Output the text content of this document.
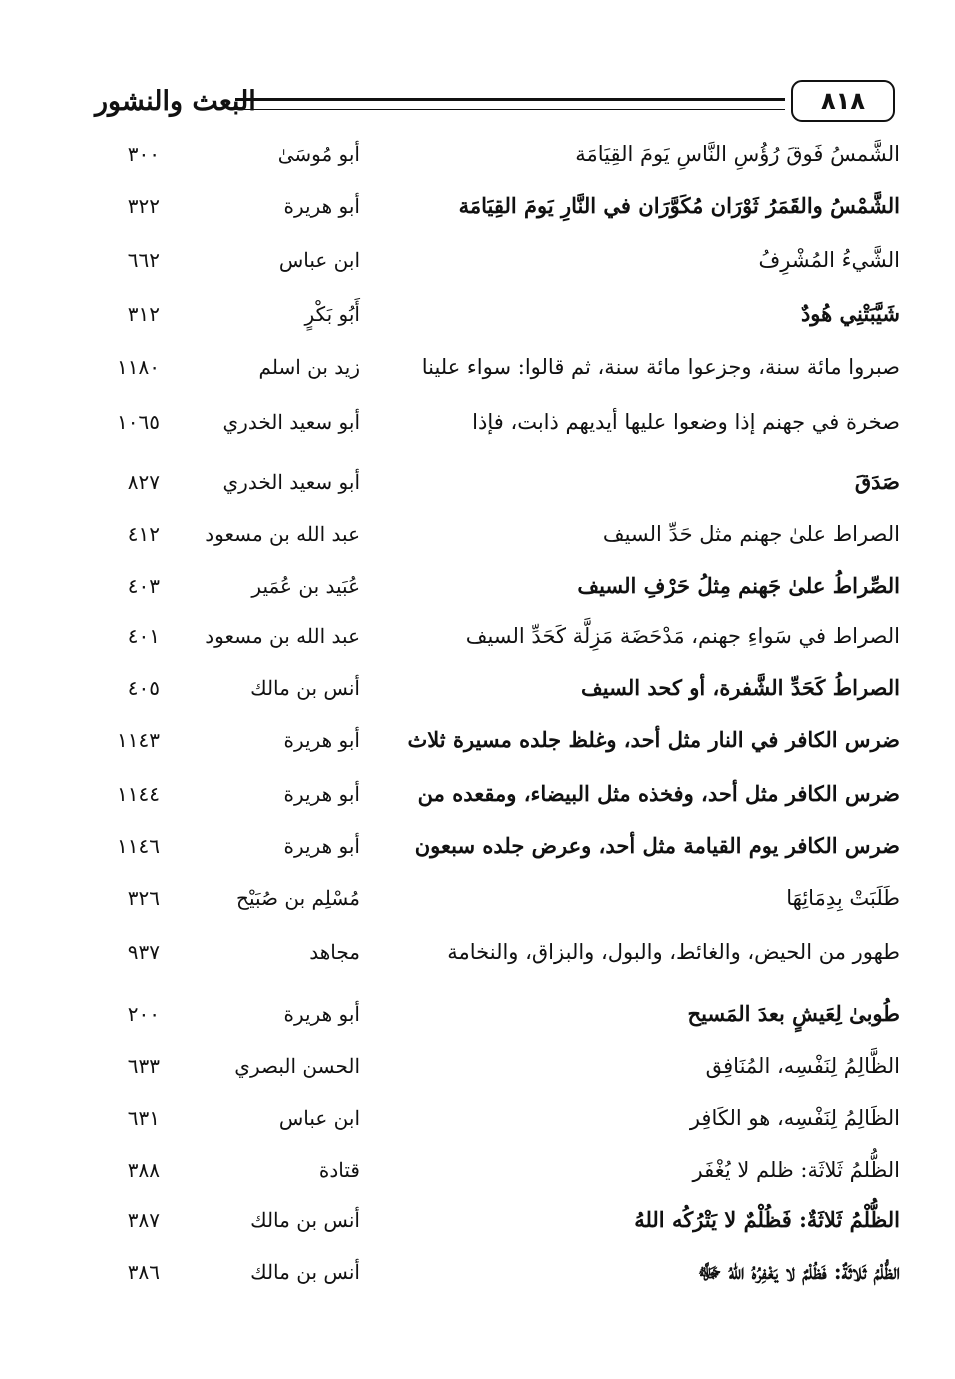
البعث والنشور	٨١٨
الشَّمسُ فَوقَ رُؤُسِ النَّاسِ يَومَ القِيَامَة
أبو مُوسَىٰ
٣٠٠
الشَّمْسُ والقَمَرُ ثَوْرَان مُكَوَّرَان في النَّارِ يَومَ القِيَامَة
أبو هريرة
٣٢٢
الشَّيءُ المُشْرِفُ
ابن عباس
٦٦٢
شَيَّبَتْنِي هُودٌ
أَبُو بَكْرٍ
٣١٢
صبروا مائة سنة، وجزعوا مائة سنة، ثم قالوا: سواء علينا
زيد بن اسلم
١١٨٠
صخرة في جهنم إذا وضعوا عليها أيديهم ذابت، فإذا
أبو سعيد الخدري
١٠٦٥
صَدَقَ
أبو سعيد الخدري
٨٢٧
الصراط علىٰ جهنم مثل حَدِّ السيف
عبد الله بن مسعود
٤١٢
الصِّراطُ علىٰ جَهنم مِثلُ حَرْفِ السيف
عُبَيد بن عُمَير
٤٠٣
الصراط في سَواءِ جهنم، مَدْحَضَة مَزِلَّة كَحَدِّ السيف
عبد الله بن مسعود
٤٠١
الصراطُ كَحَدِّ الشَّفرة، أو كحد السيف
أنس بن مالك
٤٠٥
ضرس الكافر في النار مثل أحد، وغلظ جلده مسيرة ثلاث
أبو هريرة
١١٤٣
ضرس الكافر مثل أحد، وفخذه مثل البيضاء، ومقعده من
أبو هريرة
١١٤٤
ضرس الكافر يوم القيامة مثل أحد، وعرض جلده سبعون
أبو هريرة
١١٤٦
طَلَبَتْ بِدِمَائِهَا
مُسْلِم بن صُبَيْح
٣٢٦
طهور من الحيض، والغائط، والبول، والبزاق، والنخامة
مجاهد
٩٣٧
طُوبىٰ لِعَيشٍ بعدَ المَسيح
أبو هريرة
٢٠٠
الظَّالِمُ لِنَفْسِه، المُنَافِق
الحسن البصري
٦٣٣
الظَالِمُ لِنَفْسِه، هو الكَافِر
ابن عباس
٦٣١
الظُّلمُ ثَلاثَة: ظلم لا يُغْفَر
قتادة
٣٨٨
الظُّلْمُ ثَلاثَةٌ: فَظُلْمٌ لا يَتْرُكُه اللهُ
أنس بن مالك
٣٨٧
الظُّلْمُ ثَلاثَةٌ: فَظُلْمٌ لا يَغْفِرُهُ اللهُ ﷻ
أنس بن مالك
٣٨٦
